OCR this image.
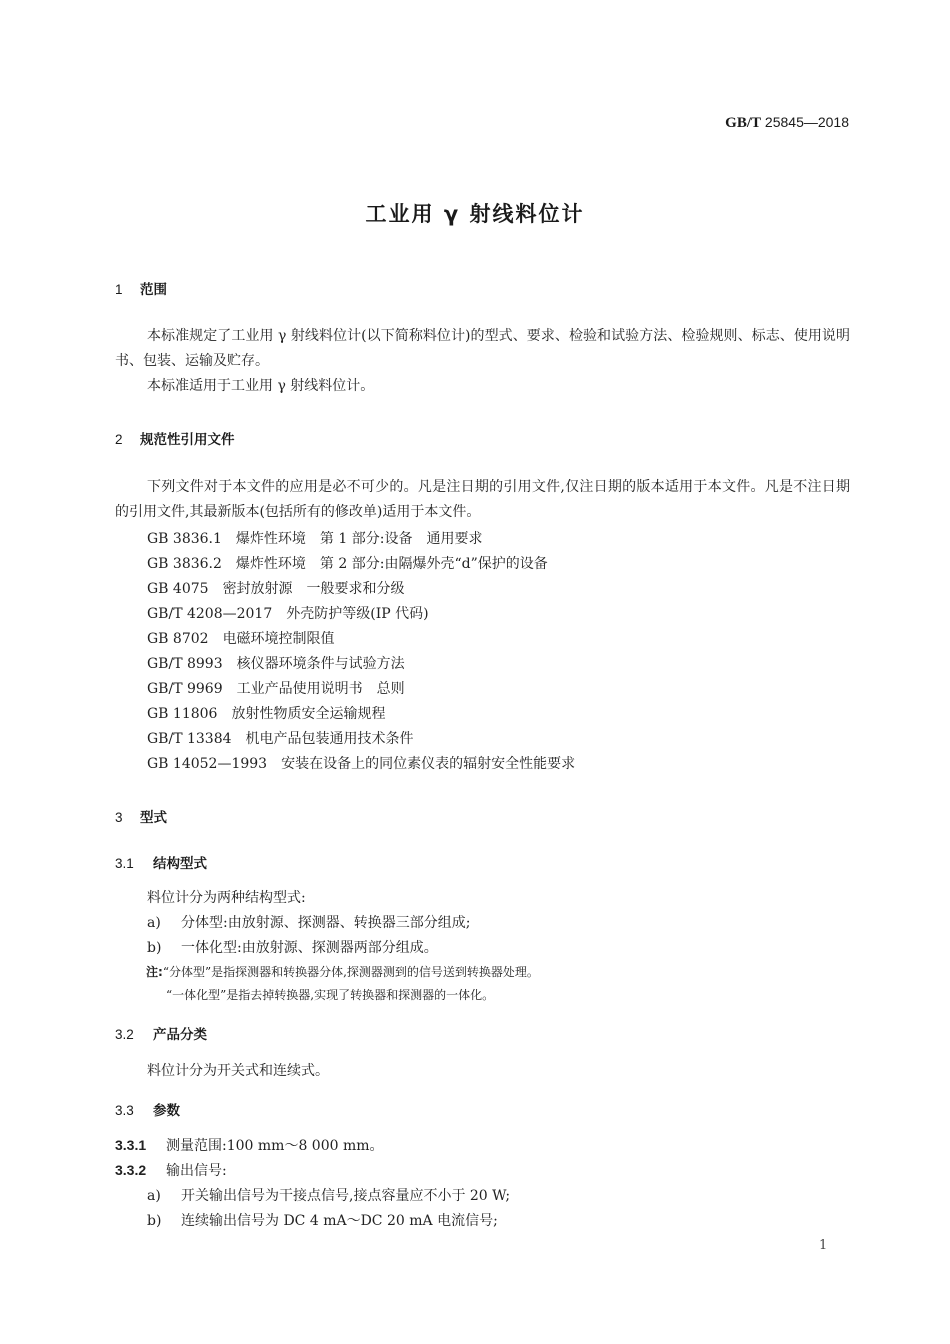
GB/T 25845—2018
工业用 γ 射线料位计
1 范围
本标准规定了工业用 γ 射线料位计(以下简称料位计)的型式、要求、检验和试验方法、检验规则、标志、使用说明书、包装、运输及贮存。
本标准适用于工业用 γ 射线料位计。
2 规范性引用文件
下列文件对于本文件的应用是必不可少的。凡是注日期的引用文件,仅注日期的版本适用于本文件。凡是不注日期的引用文件,其最新版本(包括所有的修改单)适用于本文件。
GB 3836.1 爆炸性环境　第 1 部分:设备　通用要求
GB 3836.2 爆炸性环境　第 2 部分:由隔爆外壳“d”保护的设备
GB 4075 密封放射源　一般要求和分级
GB/T 4208—2017 外壳防护等级(IP 代码)
GB 8702 电磁环境控制限值
GB/T 8993 核仪器环境条件与试验方法
GB/T 9969 工业产品使用说明书　总则
GB 11806 放射性物质安全运输规程
GB/T 13384 机电产品包装通用技术条件
GB 14052—1993 安装在设备上的同位素仪表的辐射安全性能要求
3 型式
3.1 结构型式
料位计分为两种结构型式:
a) 分体型:由放射源、探测器、转换器三部分组成;
b) 一体化型:由放射源、探测器两部分组成。
注:“分体型”是指探测器和转换器分体,探测器测到的信号送到转换器处理。
“一体化型”是指去掉转换器,实现了转换器和探测器的一体化。
3.2 产品分类
料位计分为开关式和连续式。
3.3 参数
3.3.1 测量范围:100 mm～8 000 mm。
3.3.2 输出信号:
a) 开关输出信号为干接点信号,接点容量应不小于 20 W;
b) 连续输出信号为 DC 4 mA～DC 20 mA 电流信号;
1
